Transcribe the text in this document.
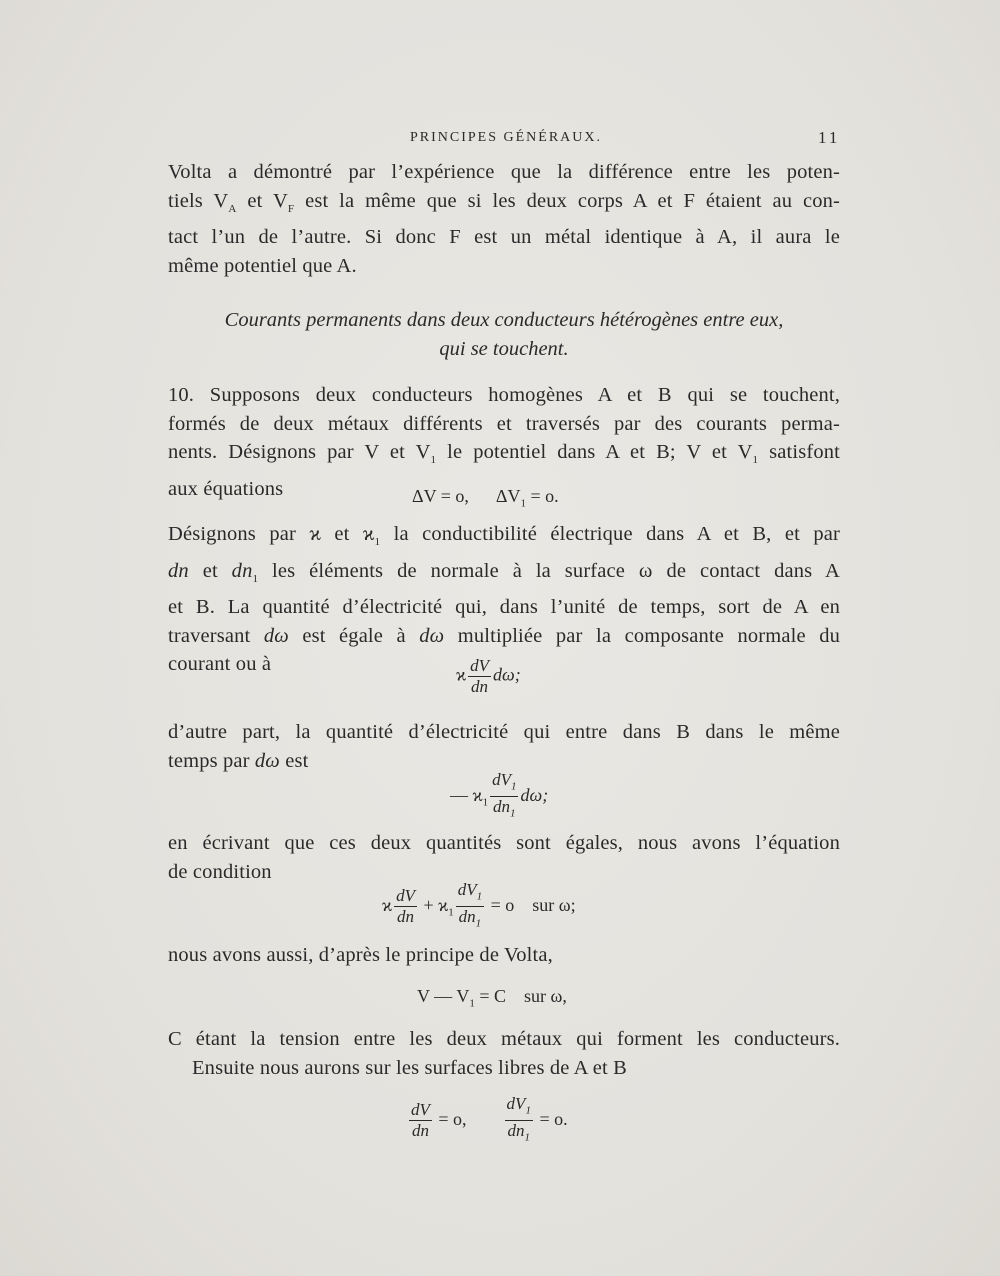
PRINCIPES GÉNÉRAUX.	11
Volta a démontré par l’expérience que la différence entre les poten-
tiels $V_A$ et $V_F$ est la même que si les deux corps A et F étaient au con-
tact l’un de l’autre. Si donc F est un métal identique à A, il aura le
même potentiel que A.
Courants permanents dans deux conducteurs hétérogènes entre eux,
qui se touchent.
10. Supposons deux conducteurs homogènes A et B qui se touchent,
formés de deux métaux différents et traversés par des courants perma-
nents. Désignons par V et $V_1$ le potentiel dans A et B; V et $V_1$ satisfont
aux équations	ΔV = o, $\Delta V_1 = o$.
Désignons par ϰ et $ϰ_1$ la conductibilité électrique dans A et B, et par
dn et $dn_1$ les éléments de normale à la surface ω de contact dans A
et B. La quantité d’électricité qui, dans l’unité de temps, sort de A en
traversant dω est égale à dω multipliée par la composante normale du
courant ou à	ϰ $\frac{dV}{dn} d\omega$;
d’autre part, la quantité d’électricité qui entre dans B dans le même
temps par dω est
— $ϰ_1 \frac{dV_1}{dn_1} d\omega$;
en écrivant que ces deux quantités sont égales, nous avons l’équation
de condition
ϰ $\frac{dV}{dn} + ϰ_1 \frac{dV_1}{dn_1} = o$    sur ω;
nous avons aussi, d’après le principe de Volta,
V — $V_1 = C$    sur ω,
C étant la tension entre les deux métaux qui forment les conducteurs.
Ensuite nous aurons sur les surfaces libres de A et B
$\frac{dV}{dn} = o$, $\frac{dV_1}{dn_1} = o$.
